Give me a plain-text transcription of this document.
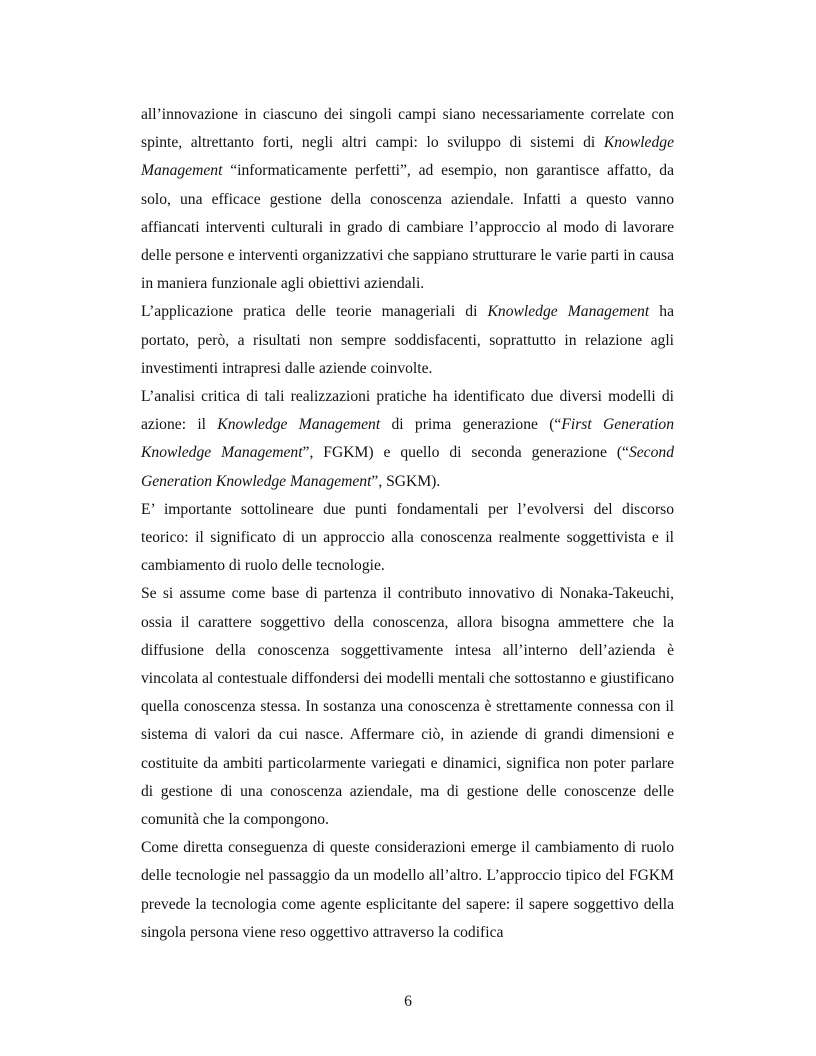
all’innovazione in ciascuno dei singoli campi siano necessariamente correlate con spinte, altrettanto forti, negli altri campi: lo sviluppo di sistemi di Knowledge Management “informaticamente perfetti”, ad esempio, non garantisce affatto, da solo, una efficace gestione della conoscenza aziendale. Infatti a questo vanno affiancati interventi culturali in grado di cambiare l’approccio al modo di lavorare delle persone e interventi organizzativi che sappiano strutturare le varie parti in causa in maniera funzionale agli obiettivi aziendali.

L’applicazione pratica delle teorie manageriali di Knowledge Management ha portato, però, a risultati non sempre soddisfacenti, soprattutto in relazione agli investimenti intrapresi dalle aziende coinvolte.

L’analisi critica di tali realizzazioni pratiche ha identificato due diversi modelli di azione: il Knowledge Management di prima generazione (“First Generation Knowledge Management”, FGKM) e quello di seconda generazione (“Second Generation Knowledge Management”, SGKM).

E’ importante sottolineare due punti fondamentali per l’evolversi del discorso teorico: il significato di un approccio alla conoscenza realmente soggettivista e il cambiamento di ruolo delle tecnologie.

Se si assume come base di partenza il contributo innovativo di Nonaka-Takeuchi, ossia il carattere soggettivo della conoscenza, allora bisogna ammettere che la diffusione della conoscenza soggettivamente intesa all’interno dell’azienda è vincolata al contestuale diffondersi dei modelli mentali che sottostanno e giustificano quella conoscenza stessa. In sostanza una conoscenza è strettamente connessa con il sistema di valori da cui nasce. Affermare ciò, in aziende di grandi dimensioni e costituite da ambiti particolarmente variegati e dinamici, significa non poter parlare di gestione di una conoscenza aziendale, ma di gestione delle conoscenze delle comunità che la compongono.

Come diretta conseguenza di queste considerazioni emerge il cambiamento di ruolo delle tecnologie nel passaggio da un modello all’altro. L’approccio tipico del FGKM prevede la tecnologia come agente esplicitante del sapere: il sapere soggettivo della singola persona viene reso oggettivo attraverso la codifica

6
